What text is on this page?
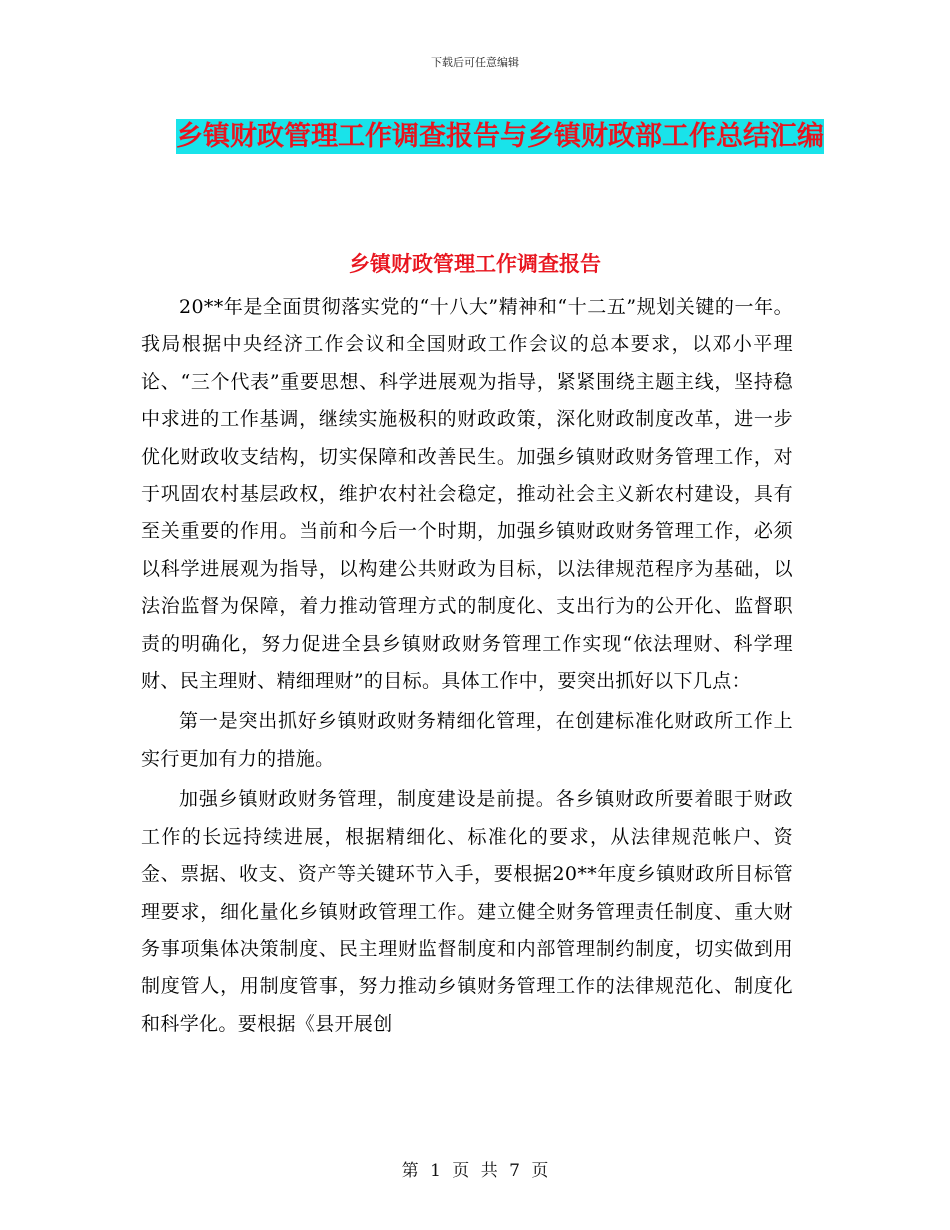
下载后可任意编辑
乡镇财政管理工作调查报告与乡镇财政部工作总结汇编
乡镇财政管理工作调查报告

20**年是全面贯彻落实党的“十八大”精神和“十二五”规划关键的一年。我局根据中央经济工作会议和全国财政工作会议的总本要求，以邓小平理论、“三个代表”重要思想、科学进展观为指导，紧紧围绕主题主线，坚持稳中求进的工作基调，继续实施极积的财政政策，深化财政制度改革，进一步优化财政收支结构，切实保障和改善民生。加强乡镇财政财务管理工作，对于巩固农村基层政权，维护农村社会稳定，推动社会主义新农村建设，具有至关重要的作用。当前和今后一个时期，加强乡镇财政财务管理工作，必须以科学进展观为指导，以构建公共财政为目标，以法律规范程序为基础，以法治监督为保障，着力推动管理方式的制度化、支出行为的公开化、监督职责的明确化，努力促进全县乡镇财政财务管理工作实现“依法理财、科学理财、民主理财、精细理财”的目标。具体工作中，要突出抓好以下几点：

第一是突出抓好乡镇财政财务精细化管理，在创建标准化财政所工作上实行更加有力的措施。

加强乡镇财政财务管理，制度建设是前提。各乡镇财政所要着眼于财政工作的长远持续进展，根据精细化、标准化的要求，从法律规范帐户、资金、票据、收支、资产等关键环节入手，要根据20**年度乡镇财政所目标管理要求，细化量化乡镇财政管理工作。建立健全财务管理责任制度、重大财务事项集体决策制度、民主理财监督制度和内部管理制约制度，切实做到用制度管人，用制度管事，努力推动乡镇财务管理工作的法律规范化、制度化和科学化。要根据《县开展创

第 1 页 共 7 页
